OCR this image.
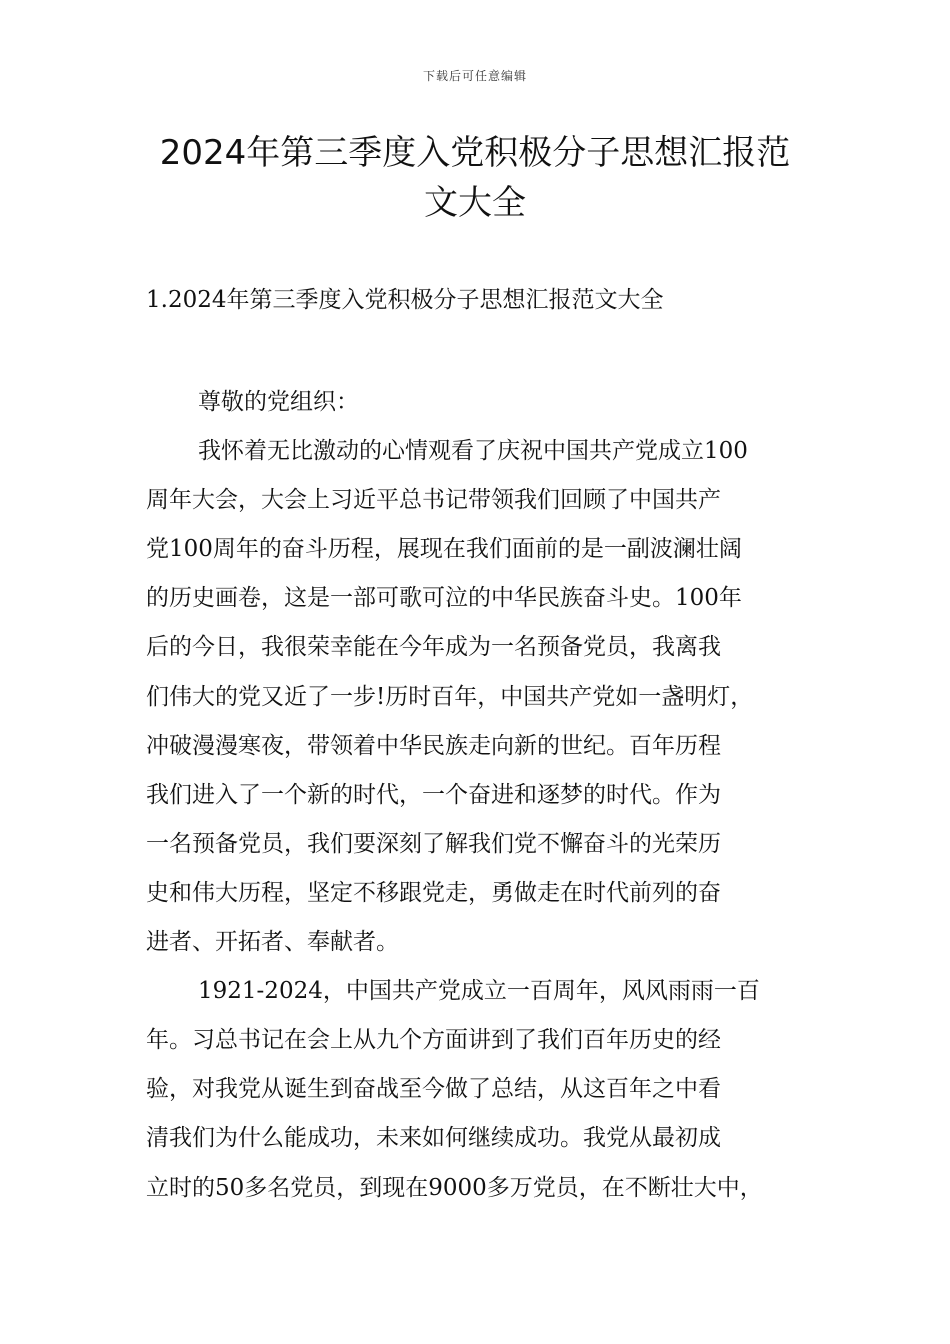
下载后可任意编辑
2024年第三季度入党积极分子思想汇报范
文大全
1.2024年第三季度入党积极分子思想汇报范文大全
尊敬的党组织：
我怀着无比激动的心情观看了庆祝中国共产党成立100
周年大会，大会上习近平总书记带领我们回顾了中国共产
党100周年的奋斗历程，展现在我们面前的是一副波澜壮阔
的历史画卷，这是一部可歌可泣的中华民族奋斗史。100年
后的今日，我很荣幸能在今年成为一名预备党员，我离我
们伟大的党又近了一步!历时百年，中国共产党如一盏明灯，
冲破漫漫寒夜，带领着中华民族走向新的世纪。百年历程
我们进入了一个新的时代，一个奋进和逐梦的时代。作为
一名预备党员，我们要深刻了解我们党不懈奋斗的光荣历
史和伟大历程，坚定不移跟党走，勇做走在时代前列的奋
进者、开拓者、奉献者。
1921-2024，中国共产党成立一百周年，风风雨雨一百
年。习总书记在会上从九个方面讲到了我们百年历史的经
验，对我党从诞生到奋战至今做了总结，从这百年之中看
清我们为什么能成功，未来如何继续成功。我党从最初成
立时的50多名党员，到现在9000多万党员，在不断壮大中，
